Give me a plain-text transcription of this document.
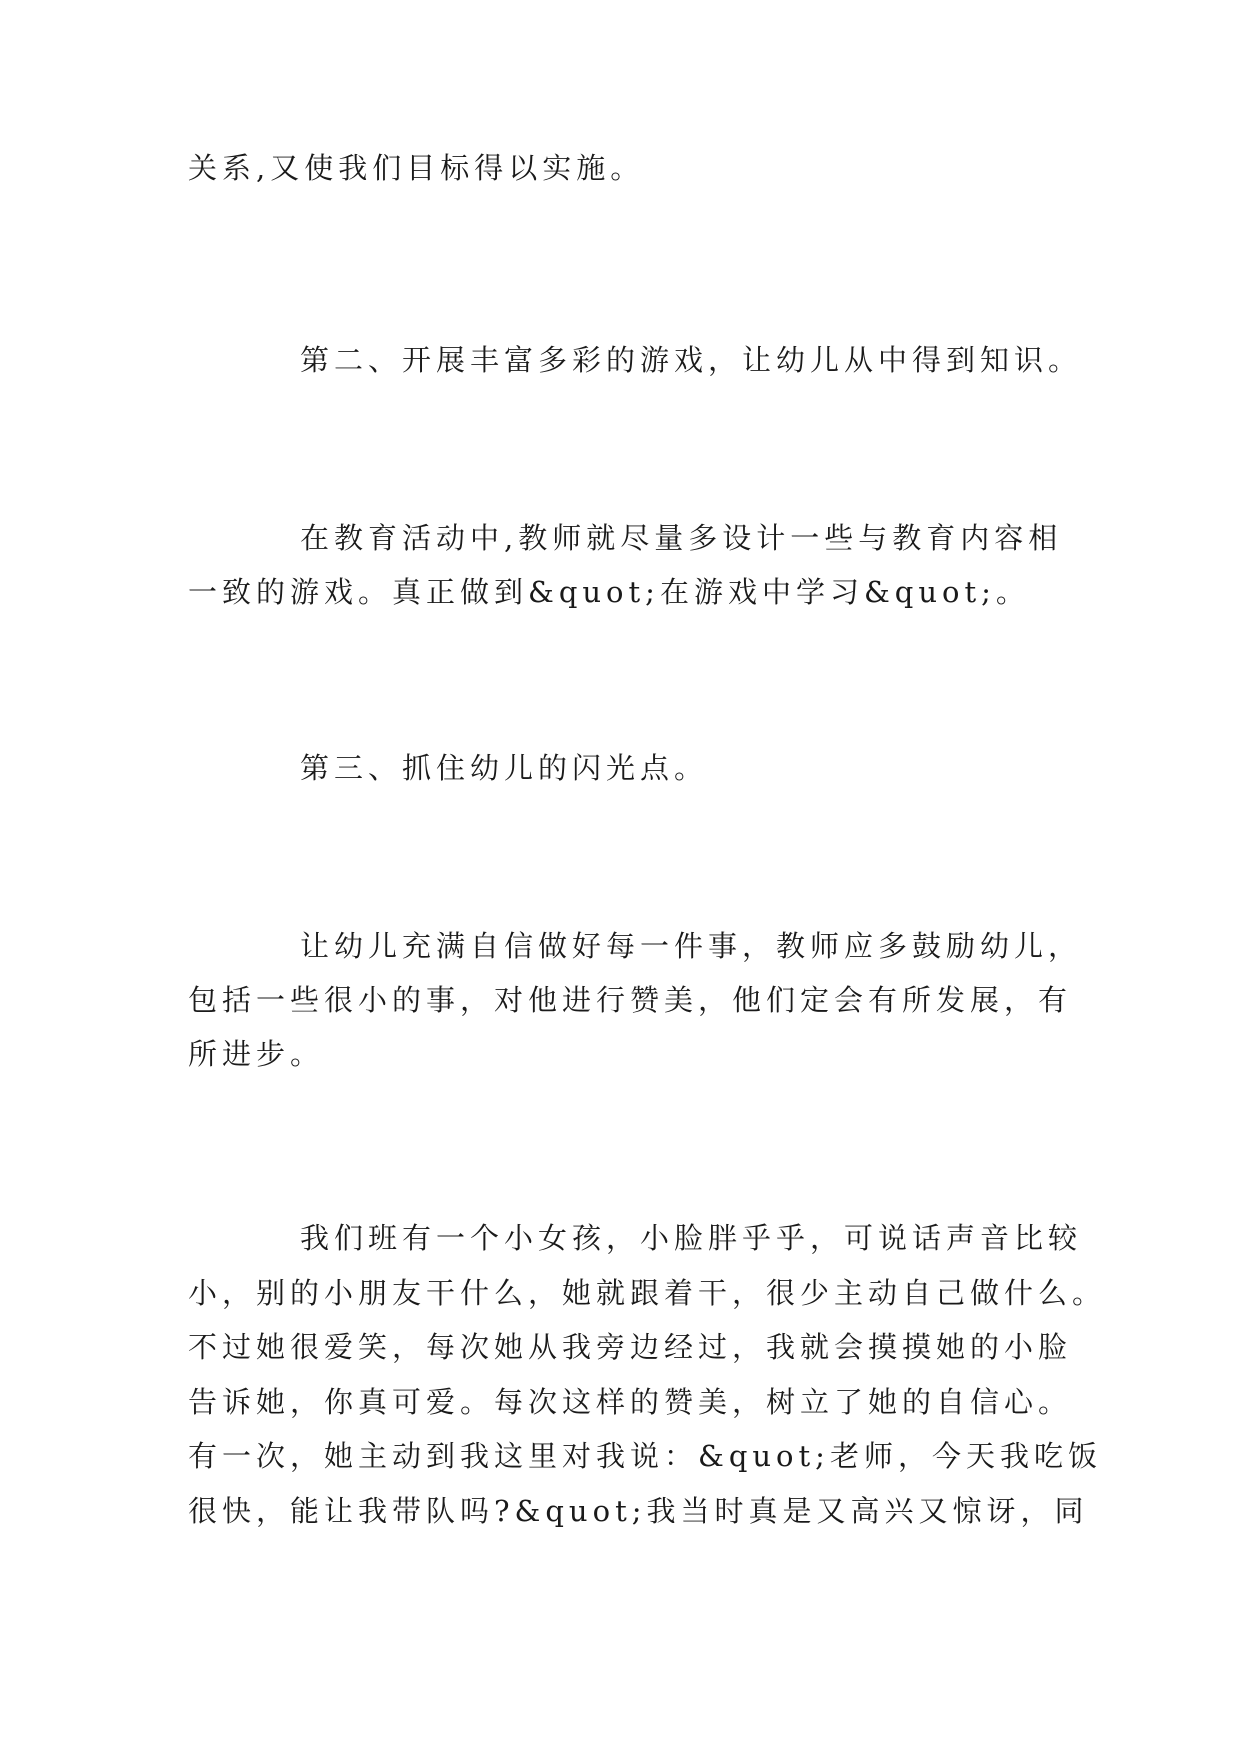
关系,又使我们目标得以实施。
第二、开展丰富多彩的游戏，让幼儿从中得到知识。
在教育活动中,教师就尽量多设计一些与教育内容相
一致的游戏。真正做到&quot;在游戏中学习&quot;。
第三、抓住幼儿的闪光点。
让幼儿充满自信做好每一件事，教师应多鼓励幼儿，
包括一些很小的事，对他进行赞美，他们定会有所发展，有
所进步。
我们班有一个小女孩，小脸胖乎乎，可说话声音比较
小，别的小朋友干什么，她就跟着干，很少主动自己做什么。
不过她很爱笑，每次她从我旁边经过，我就会摸摸她的小脸
告诉她，你真可爱。每次这样的赞美，树立了她的自信心。
有一次，她主动到我这里对我说：&quot;老师，今天我吃饭
很快，能让我带队吗?&quot;我当时真是又高兴又惊讶，同
